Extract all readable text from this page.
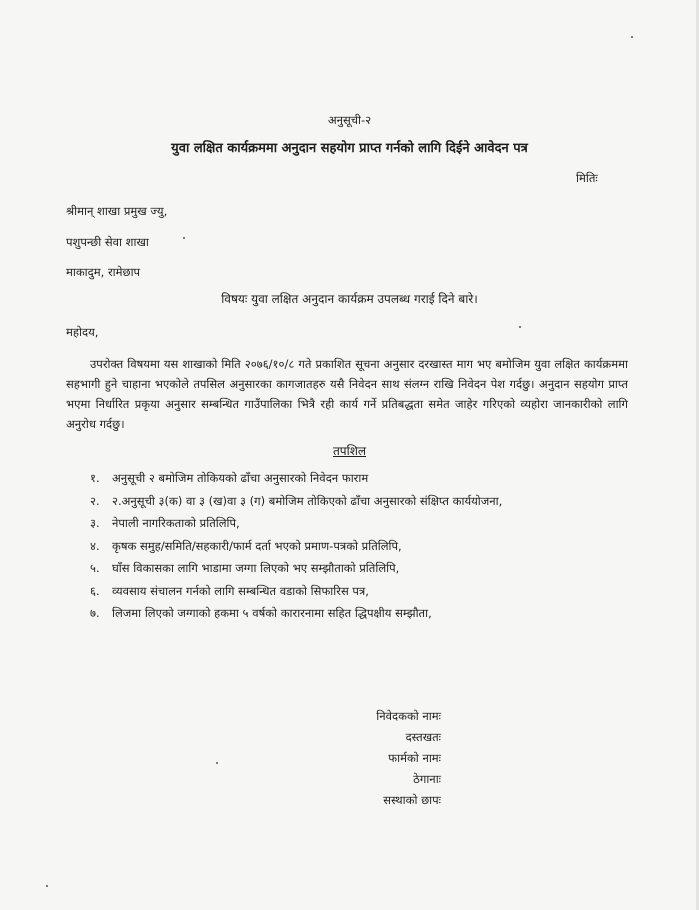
अनुसूची-२

युवा लक्षित कार्यक्रममा अनुदान सहयोग प्राप्त गर्नको लागि दिईने आवेदन पत्र

मितिः

श्रीमान् शाखा प्रमुख ज्यु,

पशुपन्छी सेवा शाखा

माकादुम, रामेछाप

विषयः युवा लक्षित अनुदान कार्यक्रम उपलब्ध गराई दिने बारे।

महोदय,

उपरोक्त विषयमा यस शाखाको मिति २०७६/१०/८ गते प्रकाशित सूचना अनुसार दरखास्त माग भए बमोजिम युवा लक्षित कार्यक्रममा सहभागी हुने चाहाना भएकोले तपसिल अनुसारका कागजातहरु यसै निवेदन साथ संलग्न राखि निवेदन पेश गर्दछु। अनुदान सहयोग प्राप्त भएमा निर्धारित प्रकृया अनुसार सम्बन्धित गाउँपालिका भित्रै रही कार्य गर्ने प्रतिबद्धता समेत जाहेर गरिएको व्यहोरा जानकारीको लागि अनुरोध गर्दछु।

तपशिल

१. अनुसूची २ बमोजिम तोकियको ढाँचा अनुसारको निवेदन फाराम
२. २.अनुसूची ३(क) वा ३ (ख)वा ३ (ग) बमोजिम तोकिएको ढाँचा अनुसारको संक्षिप्त कार्ययोजना,
३. नेपाली नागरिकताको प्रतिलिपि,
४. कृषक समुह/समिति/सहकारी/फार्म दर्ता भएको प्रमाण-पत्रको प्रतिलिपि,
५. घाँस विकासका लागि भाडामा जग्गा लिएको भए सम्झौताको प्रतिलिपि,
६. व्यवसाय संचालन गर्नको लागि सम्बन्धित वडाको सिफारिस पत्र,
७. लिजमा लिएको जग्गाको हकमा ५ वर्षको कारारनामा सहित द्धिपक्षीय सम्झौता,

निवेदकको नामः

दस्तखतः

फार्मको नामः

ठेगानाः

सस्थाको छापः
